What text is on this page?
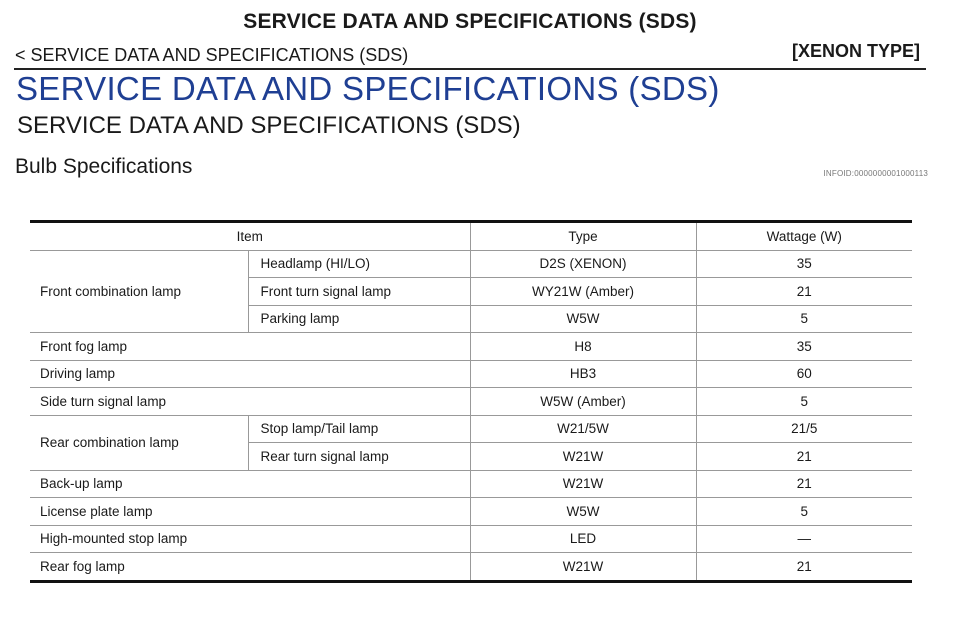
SERVICE DATA AND SPECIFICATIONS (SDS)
< SERVICE DATA AND SPECIFICATIONS (SDS)	[XENON TYPE]
SERVICE DATA AND SPECIFICATIONS (SDS)
SERVICE DATA AND SPECIFICATIONS (SDS)
Bulb Specifications	INFOID:0000000001000113
Item		Type	Wattage (W)
Front combination lamp	Headlamp (HI/LO)	D2S (XENON)	35
	Front turn signal lamp	WY21W (Amber)	21
	Parking lamp	W5W	5
Front fog lamp		H8	35
Driving lamp		HB3	60
Side turn signal lamp		W5W (Amber)	5
Rear combination lamp	Stop lamp/Tail lamp	W21/5W	21/5
	Rear turn signal lamp	W21W	21
Back-up lamp		W21W	21
License plate lamp		W5W	5
High-mounted stop lamp		LED	—
Rear fog lamp		W21W	21
